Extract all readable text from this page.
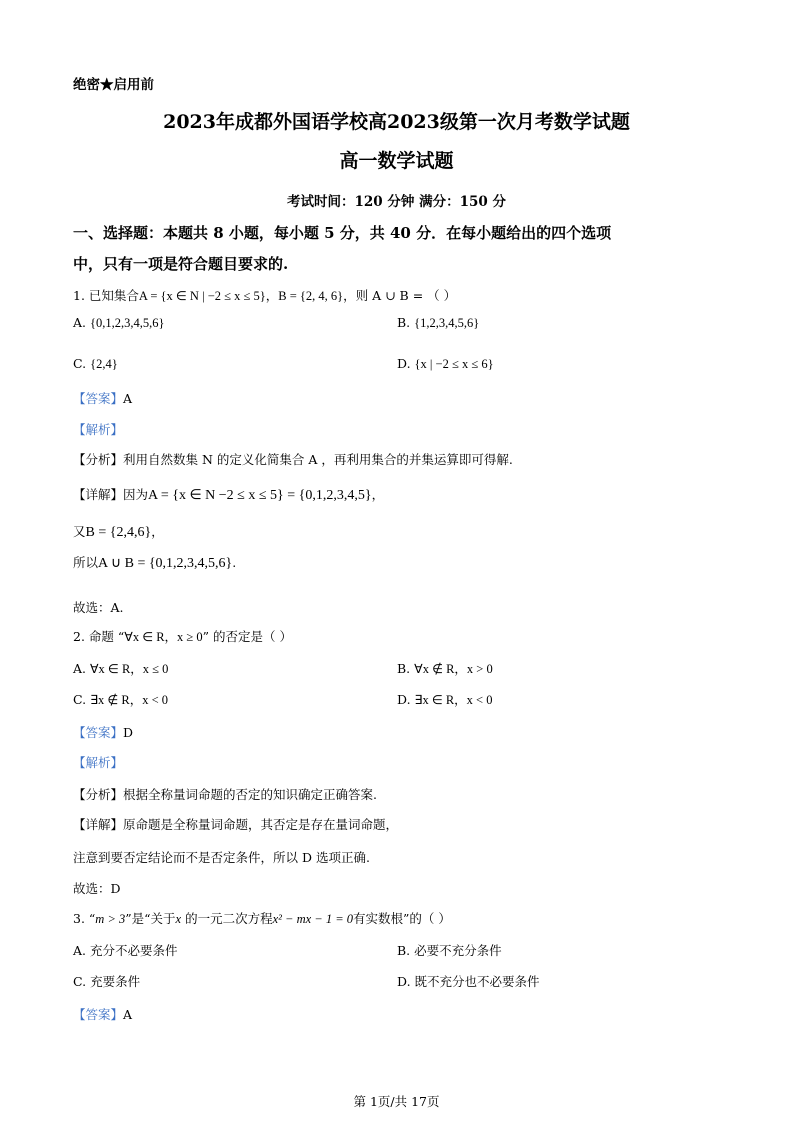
绝密★启用前
2023年成都外国语学校高2023级第一次月考数学试题
高一数学试题
考试时间：120 分钟 满分：150 分
一、选择题：本题共 8 小题，每小题 5 分，共 40 分．在每小题给出的四个选项
中，只有一项是符合题目要求的.
1. 已知集合A = {x ∈ N | −2 ≤ x ≤ 5}，B = {2, 4, 6}，则 A ∪ B = （ ）
A. {0,1,2,3,4,5,6}	B. {1,2,3,4,5,6}
C. {2,4}	D. {x | −2 ≤ x ≤ 6}
【答案】A
【解析】
【分析】利用自然数集 N 的定义化简集合 A ，再利用集合的并集运算即可得解.
【详解】因为A = {x ∈ N −2 ≤ x ≤ 5} = {0,1,2,3,4,5}，
又B = {2,4,6}，
所以A ∪ B = {0,1,2,3,4,5,6}.
故选：A.
2. 命题 “∀x ∈ R，x ≥ 0” 的否定是（ ）
A. ∀x ∈ R，x ≤ 0	B. ∀x ∉ R，x > 0
C. ∃x ∉ R，x < 0	D. ∃x ∈ R，x < 0
【答案】D
【解析】
【分析】根据全称量词命题的否定的知识确定正确答案.
【详解】原命题是全称量词命题，其否定是存在量词命题，
注意到要否定结论而不是否定条件，所以 D 选项正确.
故选：D
3. “m > 3”是“关于x 的一元二次方程x² − mx − 1 = 0有实数根”的（ ）
A. 充分不必要条件	B. 必要不充分条件
C. 充要条件	D. 既不充分也不必要条件
【答案】A
第 1页/共 17页
